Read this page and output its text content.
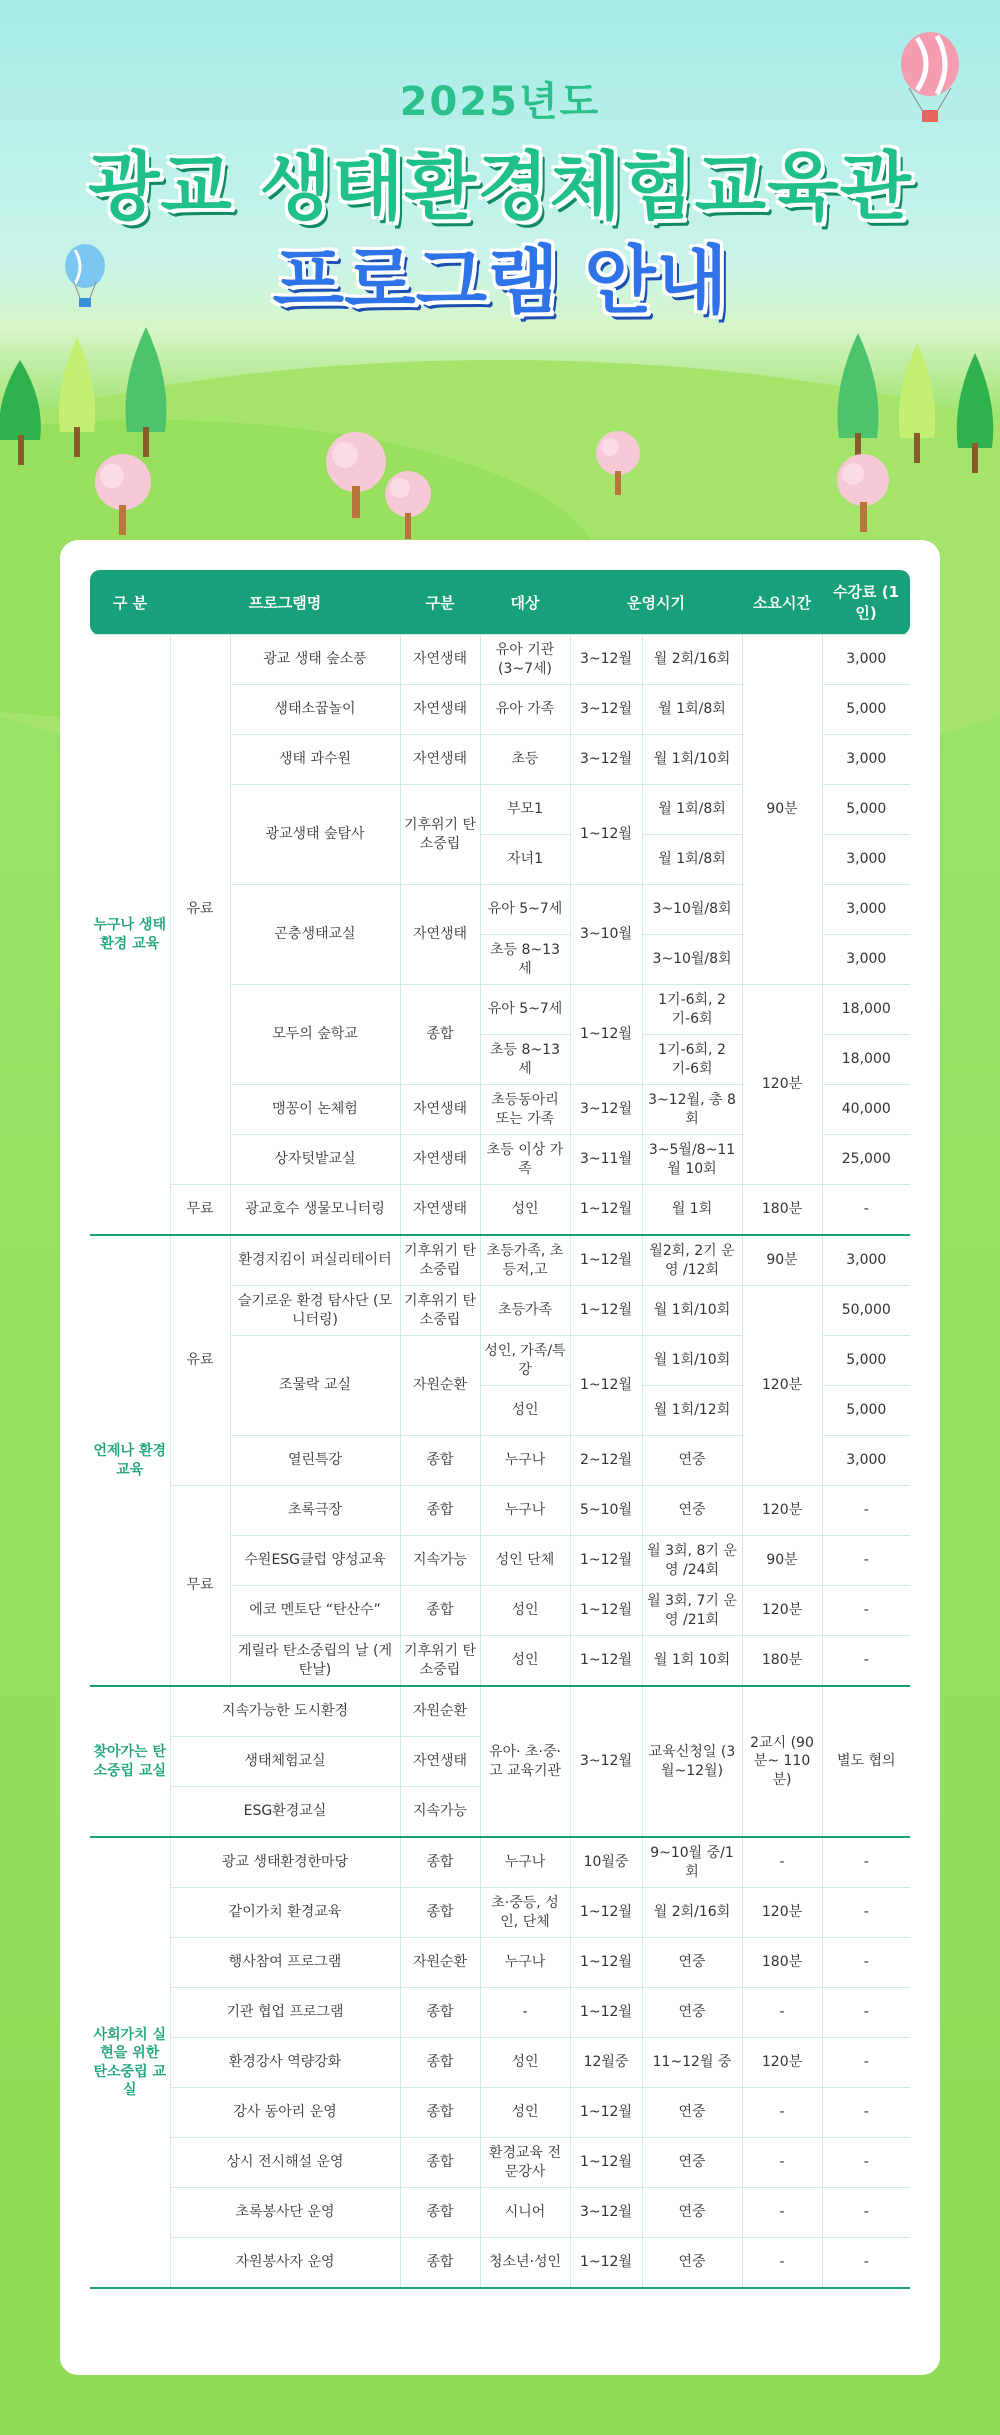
2025년도
광교 생태환경체험교육관
프로그램 안내
구 분	프로그램명		구분	대상	운영시기		소요시간	수강료 (1인)
누구나 생태환경 교육	유료	광교 생태 숲소풍	자연생태	유아 기관 (3~7세)	3~12월	월 2회/16회	90분	3,000
		생태소꿉놀이	자연생태	유아 가족	3~12월	월 1회/8회		5,000
		생태 과수원	자연생태	초등	3~12월	월 1회/10회		3,000
		광교생태 숲탐사	기후위기 탄소중립	부모1	1~12월	월 1회/8회		5,000
				자녀1		월 1회/8회		3,000
		곤충생태교실	자연생태	유아 5~7세	3~10월	3~10월/8회		3,000
				초등 8~13세		3~10월/8회		3,000
		모두의 숲학교	종합	유아 5~7세	1~12월	1기-6회, 2기-6회	120분	18,000
				초등 8~13세		1기-6회, 2기-6회		18,000
		맹꽁이 논체험	자연생태	초등동아리 또는 가족	3~12월	3~12월, 총 8회		40,000
		상자텃밭교실	자연생태	초등 이상 가족	3~11월	3~5월/8~11월 10회		25,000
	무료	광교호수 생물모니터링	자연생태	성인	1~12월	월 1회	180분	-
언제나 환경교육	유료	환경지킴이 퍼실리테이터	기후위기 탄소중립	초등가족, 초등저,고	1~12월	월2회, 2기 운영 /12회	90분	3,000
		슬기로운 환경 탐사단 (모니터링)	기후위기 탄소중립	초등가족	1~12월	월 1회/10회	120분	50,000
		조물락 교실	자원순환	성인, 가족/특강	1~12월	월 1회/10회		5,000
				성인		월 1회/12회		5,000
		열린특강	종합	누구나	2~12월	연중		3,000
	무료	초록극장	종합	누구나	5~10월	연중	120분	-
		수원ESG클럽 양성교육	지속가능	성인 단체	1~12월	월 3회, 8기 운영 /24회	90분	-
		에코 멘토단 “탄산수”	종합	성인	1~12월	월 3회, 7기 운영 /21회	120분	-
		게릴라 탄소중립의 날 (게탄날)	기후위기 탄소중립	성인	1~12월	월 1회 10회	180분	-
찾아가는 탄소중립 교실	지속가능한 도시환경		자원순환	유아· 초·중·고 교육기관	3~12월	교육신청일 (3월~12월)	2교시 (90분~ 110분)	별도 협의
	생태체험교실		자연생태					
	ESG환경교실		지속가능					
사회가치 실현을 위한 탄소중립 교실	광교 생태환경한마당		종합	누구나	10월중	9~10월 중/1회	-	-
	같이가치 환경교육		종합	초·중등, 성인, 단체	1~12월	월 2회/16회	120분	-
	행사참여 프로그램		자원순환	누구나	1~12월	연중	180분	-
	기관 협업 프로그램		종합	-	1~12월	연중	-	-
	환경강사 역량강화		종합	성인	12월중	11~12월 중	120분	-
	강사 동아리 운영		종합	성인	1~12월	연중	-	-
	상시 전시해설 운영		종합	환경교육 전문강사	1~12월	연중	-	-
	초록봉사단 운영		종합	시니어	3~12월	연중	-	-
	자원봉사자 운영		종합	청소년·성인	1~12월	연중	-	-
